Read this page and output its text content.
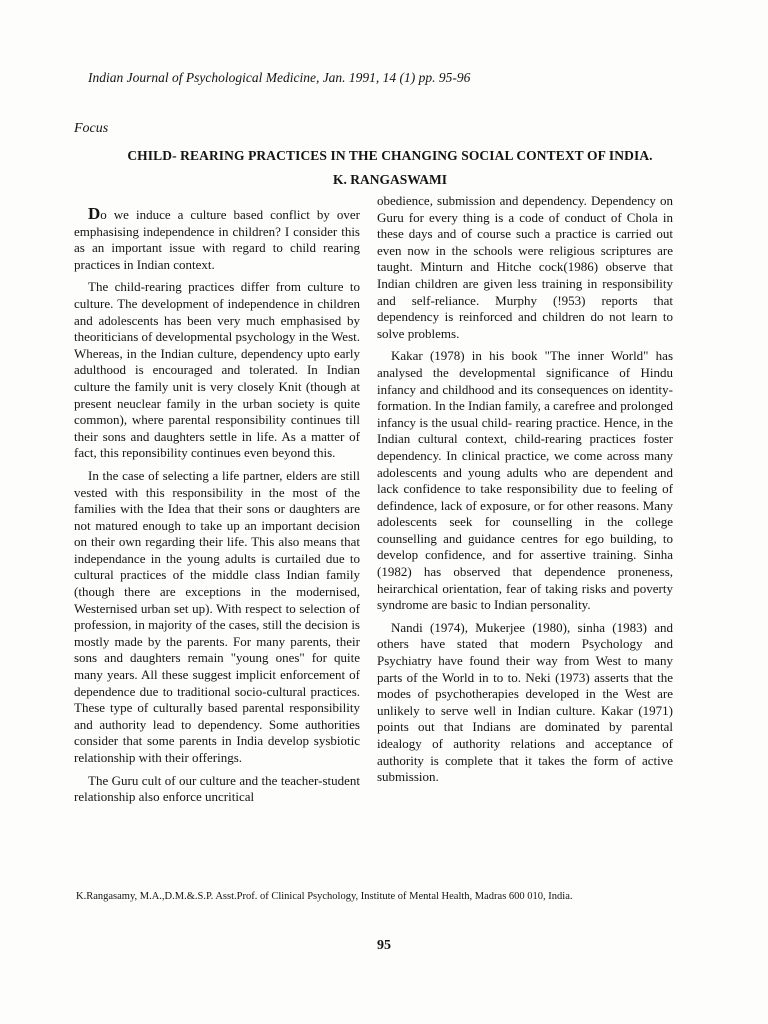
Indian Journal of Psychological Medicine, Jan. 1991, 14 (1) pp. 95-96
Focus
CHILD- REARING PRACTICES IN THE CHANGING SOCIAL CONTEXT OF INDIA.
K. RANGASWAMI

Do we induce a culture based conflict by over emphasising independence in children? I consider this as an important issue with regard to child rearing practices in Indian context.

The child-rearing practices differ from culture to culture. The development of independence in children and adolescents has been very much emphasised by theoriticians of developmental psychology in the West. Whereas, in the Indian culture, dependency upto early adulthood is encouraged and tolerated. In Indian culture the family unit is very closely Knit (though at present neuclear family in the urban society is quite common), where parental responsibility continues till their sons and daughters settle in life. As a matter of fact, this reponsibility continues even beyond this.

In the case of selecting a life partner, elders are still vested with this responsibility in the most of the families with the Idea that their sons or daughters are not matured enough to take up an important decision on their own regarding their life. This also means that independance in the young adults is curtailed due to cultural practices of the middle class Indian family (though there are exceptions in the modernised, Westernised urban set up). With respect to selection of profession, in majority of the cases, still the decision is mostly made by the parents. For many parents, their sons and daughters remain "young ones" for quite many years. All these suggest implicit enforcement of dependence due to traditional socio-cultural practices. These type of culturally based parental responsibility and authority lead to dependency. Some authorities consider that some parents in India develop sysbiotic relationship with their offerings.

The Guru cult of our culture and the teacher-student relationship also enforce uncritical

obedience, submission and dependency. Dependency on Guru for every thing is a code of conduct of Chola in these days and of course such a practice is carried out even now in the schools were religious scriptures are taught. Minturn and Hitche cock(1986) observe that Indian children are given less training in responsibility and self-reliance. Murphy (!953) reports that dependency is reinforced and children do not learn to solve problems.

Kakar (1978) in his book "The inner World" has analysed the developmental significance of Hindu infancy and childhood and its consequences on identity-formation. In the Indian family, a carefree and prolonged infancy is the usual child- rearing practice. Hence, in the Indian cultural context, child-rearing practices foster dependency. In clinical practice, we come across many adolescents and young adults who are dependent and lack confidence to take responsibility due to feeling of defindence, lack of exposure, or for other reasons. Many adolescents seek for counselling in the college counselling and guidance centres for ego building, to develop confidence, and for assertive training. Sinha (1982) has observed that dependence proneness, heirarchical orientation, fear of taking risks and poverty syndrome are basic to Indian personality.

Nandi (1974), Mukerjee (1980), sinha (1983) and others have stated that modern Psychology and Psychiatry have found their way from West to many parts of the World in to to. Neki (1973) asserts that the modes of psychotherapies developed in the West are unlikely to serve well in Indian culture. Kakar (1971) points out that Indians are dominated by parental idealogy of authority relations and acceptance of authority is complete that it takes the form of active submission.

K.Rangasamy, M.A.,D.M.&.S.P. Asst.Prof. of Clinical Psychology, Institute of Mental Health, Madras 600 010, India.
95
